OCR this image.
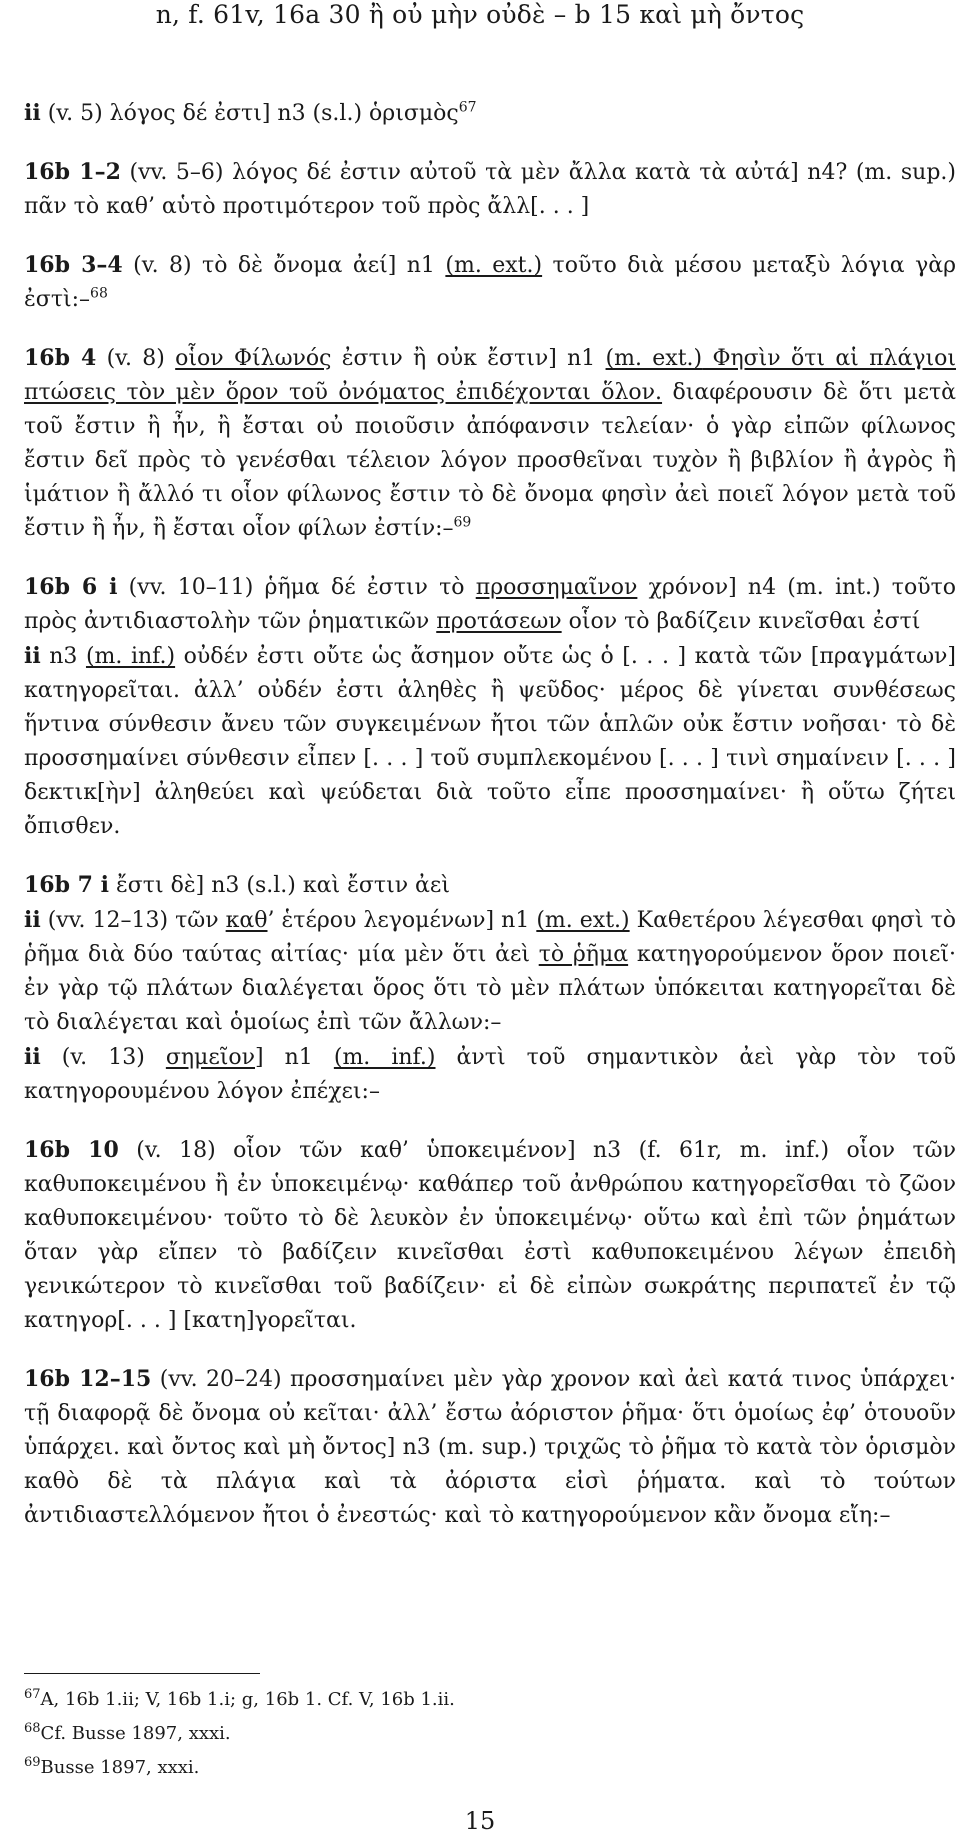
n, f. 61v, 16a 30 ἢ οὐ μὴν οὐδὲ – b 15 καὶ μὴ ὄντος

ii (v. 5) λόγος δέ ἐστι] n3 (s.l.) ὁρισμὸς$^{67}$

16b 1–2 (vv. 5–6) λόγος δέ ἐστιν αὐτοῦ τὰ μὲν ἄλλα κατὰ τὰ αὐτά] n4? (m. sup.) πᾶν τὸ καθ’ αὑτὸ προτιμότερον τοῦ πρὸς ἄλλ[. . . ]

16b 3–4 (v. 8) τὸ δὲ ὄνομα ἀεί] n1 (m. ext.) τοῦτο διὰ μέσου μεταξὺ λόγια γὰρ ἐστὶ:–$^{68}$

16b 4 (v. 8) οἷον Φίλωνός ἐστιν ἢ οὐκ ἔστιν] n1 (m. ext.) Φησὶν ὅτι αἱ πλάγιοι πτώσεις τὸν μὲν ὅρον τοῦ ὀνόματος ἐπιδέχονται ὅλον. διαφέρουσιν δὲ ὅτι μετὰ τοῦ ἔστιν ἢ ἦν, ἢ ἔσται οὐ ποιοῦσιν ἀπόφανσιν τελείαν· ὁ γὰρ εἰπῶν φίλωνος ἔστιν δεῖ πρὸς τὸ γενέσθαι τέλειον λόγον προσθεῖναι τυχὸν ἢ βιβλίον ἢ ἀγρὸς ἢ ἱμάτιον ἢ ἄλλό τι οἷον φίλωνος ἔστιν τὸ δὲ ὄνομα φησὶν ἀεὶ ποιεῖ λόγον μετὰ τοῦ ἔστιν ἢ ἦν, ἢ ἔσται οἷον φίλων ἐστίν:–$^{69}$

16b 6 i (vv. 10–11) ῥῆμα δέ ἐστιν τὸ προσσημαῖνον χρόνον] n4 (m. int.) τοῦτο πρὸς ἀντιδιαστολὴν τῶν ῥηματικῶν προτάσεων οἷον τὸ βαδίζειν κινεῖσθαι ἐστί

ii n3 (m. inf.) οὐδέν ἐστι οὔτε ὡς ἄσημον οὔτε ὡς ὁ [. . . ] κατὰ τῶν [πραγμάτων] κατηγορεῖται. ἀλλ’ οὐδέν ἐστι ἀληθὲς ἢ ψεῦδος· μέρος δὲ γίνεται συνθέσεως ἥντινα σύνθεσιν ἄνευ τῶν συγκειμένων ἤτοι τῶν ἁπλῶν οὐκ ἔστιν νοῆσαι· τὸ δὲ προσσημαίνει σύνθεσιν εἶπεν [. . . ] τοῦ συμπλεκομένου [. . . ] τινὶ σημαίνειν [. . . ] δεκτικ[ὴν] ἀληθεύει καὶ ψεύδεται διὰ τοῦτο εἶπε προσσημαίνει· ἢ οὕτω ζήτει ὄπισθεν.

16b 7 i ἔστι δὲ] n3 (s.l.) καὶ ἔστιν ἀεὶ

ii (vv. 12–13) τῶν καθ’ ἑτέρου λεγομένων] n1 (m. ext.) Καθετέρου λέγεσθαι φησὶ τὸ ῥῆμα διὰ δύο ταύτας αἰτίας· μία μὲν ὅτι ἀεὶ τὸ ῥῆμα κατηγορούμενον ὅρον ποιεῖ· ἐν γὰρ τῷ πλάτων διαλέγεται ὅρος ὅτι τὸ μὲν πλάτων ὑπόκειται κατηγορεῖται δὲ τὸ διαλέγεται καὶ ὁμοίως ἐπὶ τῶν ἄλλων:–

ii (v. 13) σημεῖον] n1 (m. inf.) ἀντὶ τοῦ σημαντικὸν ἀεὶ γὰρ τὸν τοῦ κατηγορουμένου λόγον ἐπέχει:–

16b 10 (v. 18) οἷον τῶν καθ’ ὑποκειμένον] n3 (f. 61r, m. inf.) οἷον τῶν καθυποκειμένου ἢ ἐν ὑποκειμένῳ· καθάπερ τοῦ ἀνθρώπου κατηγορεῖσθαι τὸ ζῶον καθυποκειμένου· τοῦτο τὸ δὲ λευκὸν ἐν ὑποκειμένῳ· οὕτω καὶ ἐπὶ τῶν ῥημάτων ὅταν γὰρ εἴπεν τὸ βαδίζειν κινεῖσθαι ἐστὶ καθυποκειμένου λέγων ἐπειδὴ γενικώτερον τὸ κινεῖσθαι τοῦ βαδίζειν· εἰ δὲ εἰπὼν σωκράτης περιπατεῖ ἐν τῷ κατηγορ[. . . ] [κατη]γορεῖται.

16b 12–15 (vv. 20–24) προσσημαίνει μὲν γὰρ χρονον καὶ ἀεὶ κατά τινος ὑπάρχει· τῇ διαφορᾷ δὲ ὄνομα οὐ κεῖται· ἀλλ’ ἔστω ἀόριστον ῥῆμα· ὅτι ὁμοίως ἐφ’ ὁτουοῦν ὑπάρχει. καὶ ὄντος καὶ μὴ ὄντος] n3 (m. sup.) τριχῶς τὸ ῥῆμα τὸ κατὰ τὸν ὁρισμὸν καθὸ δὲ τὰ πλάγια καὶ τὰ ἀόριστα εἰσὶ ῥήματα. καὶ τὸ τούτων ἀντιδιαστελλόμενον ἤτοι ὁ ἐνεστώς· καὶ τὸ κατηγορούμενον κἂν ὄνομα εἴη:–

$^{67}$A, 16b 1.ii; V, 16b 1.i; g, 16b 1. Cf. V, 16b 1.ii.
$^{68}$Cf. Busse 1897, xxxi.
$^{69}$Busse 1897, xxxi.
15
